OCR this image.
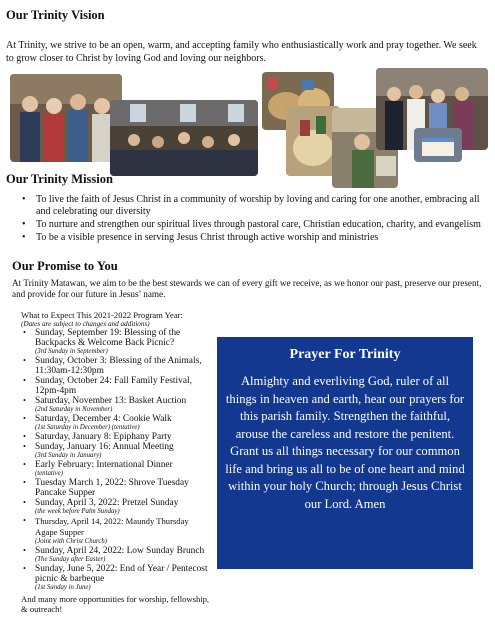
Our Trinity Vision
At Trinity, we strive to be an open, warm, and accepting family who enthusiastically work and pray together. We seek to grow closer to Christ by loving God and loving our neighbors.
Our Trinity Mission
• To live the faith of Jesus Christ in a community of worship by loving and caring for one another, embracing all and celebrating our diversity
• To nurture and strengthen our spiritual lives through pastoral care, Christian education, charity, and evangelism
• To be a visible presence in serving Jesus Christ through active worship and ministries
Our Promise to You
At Trinity Matawan, we aim to be the best stewards we can of every gift we receive, as we honor our past, preserve our present, and provide for our future in Jesus’ name.
What to Expect This 2021-2022 Program Year:
(Dates are subject to changes and additions)
• Sunday, September 19: Blessing of the Backpacks & Welcome Back Picnic?
(3rd Sunday in September)
• Sunday, October 3: Blessing of the Animals, 11:30am-12:30pm
• Sunday, October 24: Fall Family Festival, 12pm-4pm
• Saturday, November 13: Basket Auction
(2nd Saturday in November)
• Saturday, December 4: Cookie Walk
(1st Saturday in December) (tentative)
• Saturday, January 8: Epiphany Party
• Sunday, January 16: Annual Meeting
(3rd Sunday in January)
• Early February: International Dinner
(tentative)
• Tuesday March 1, 2022: Shrove Tuesday Pancake Supper
• Sunday, April 3, 2022: Pretzel Sunday
(the week before Palm Sunday)
• Thursday, April 14, 2022: Maundy Thursday Agape Supper
(Joint with Christ Church)
• Sunday, April 24, 2022: Low Sunday Brunch
(The Sunday after Easter)
• Sunday, June 5, 2022: End of Year / Pentecost picnic & barbeque
(1st Sunday in June)
And many more opportunities for worship, fellowship, & outreach!
Prayer For Trinity
Almighty and everliving God, ruler of all things in heaven and earth, hear our prayers for this parish family. Strengthen the faithful, arouse the careless and restore the penitent. Grant us all things necessary for our common life and bring us all to be of one heart and mind within your holy Church; through Jesus Christ our Lord. Amen
